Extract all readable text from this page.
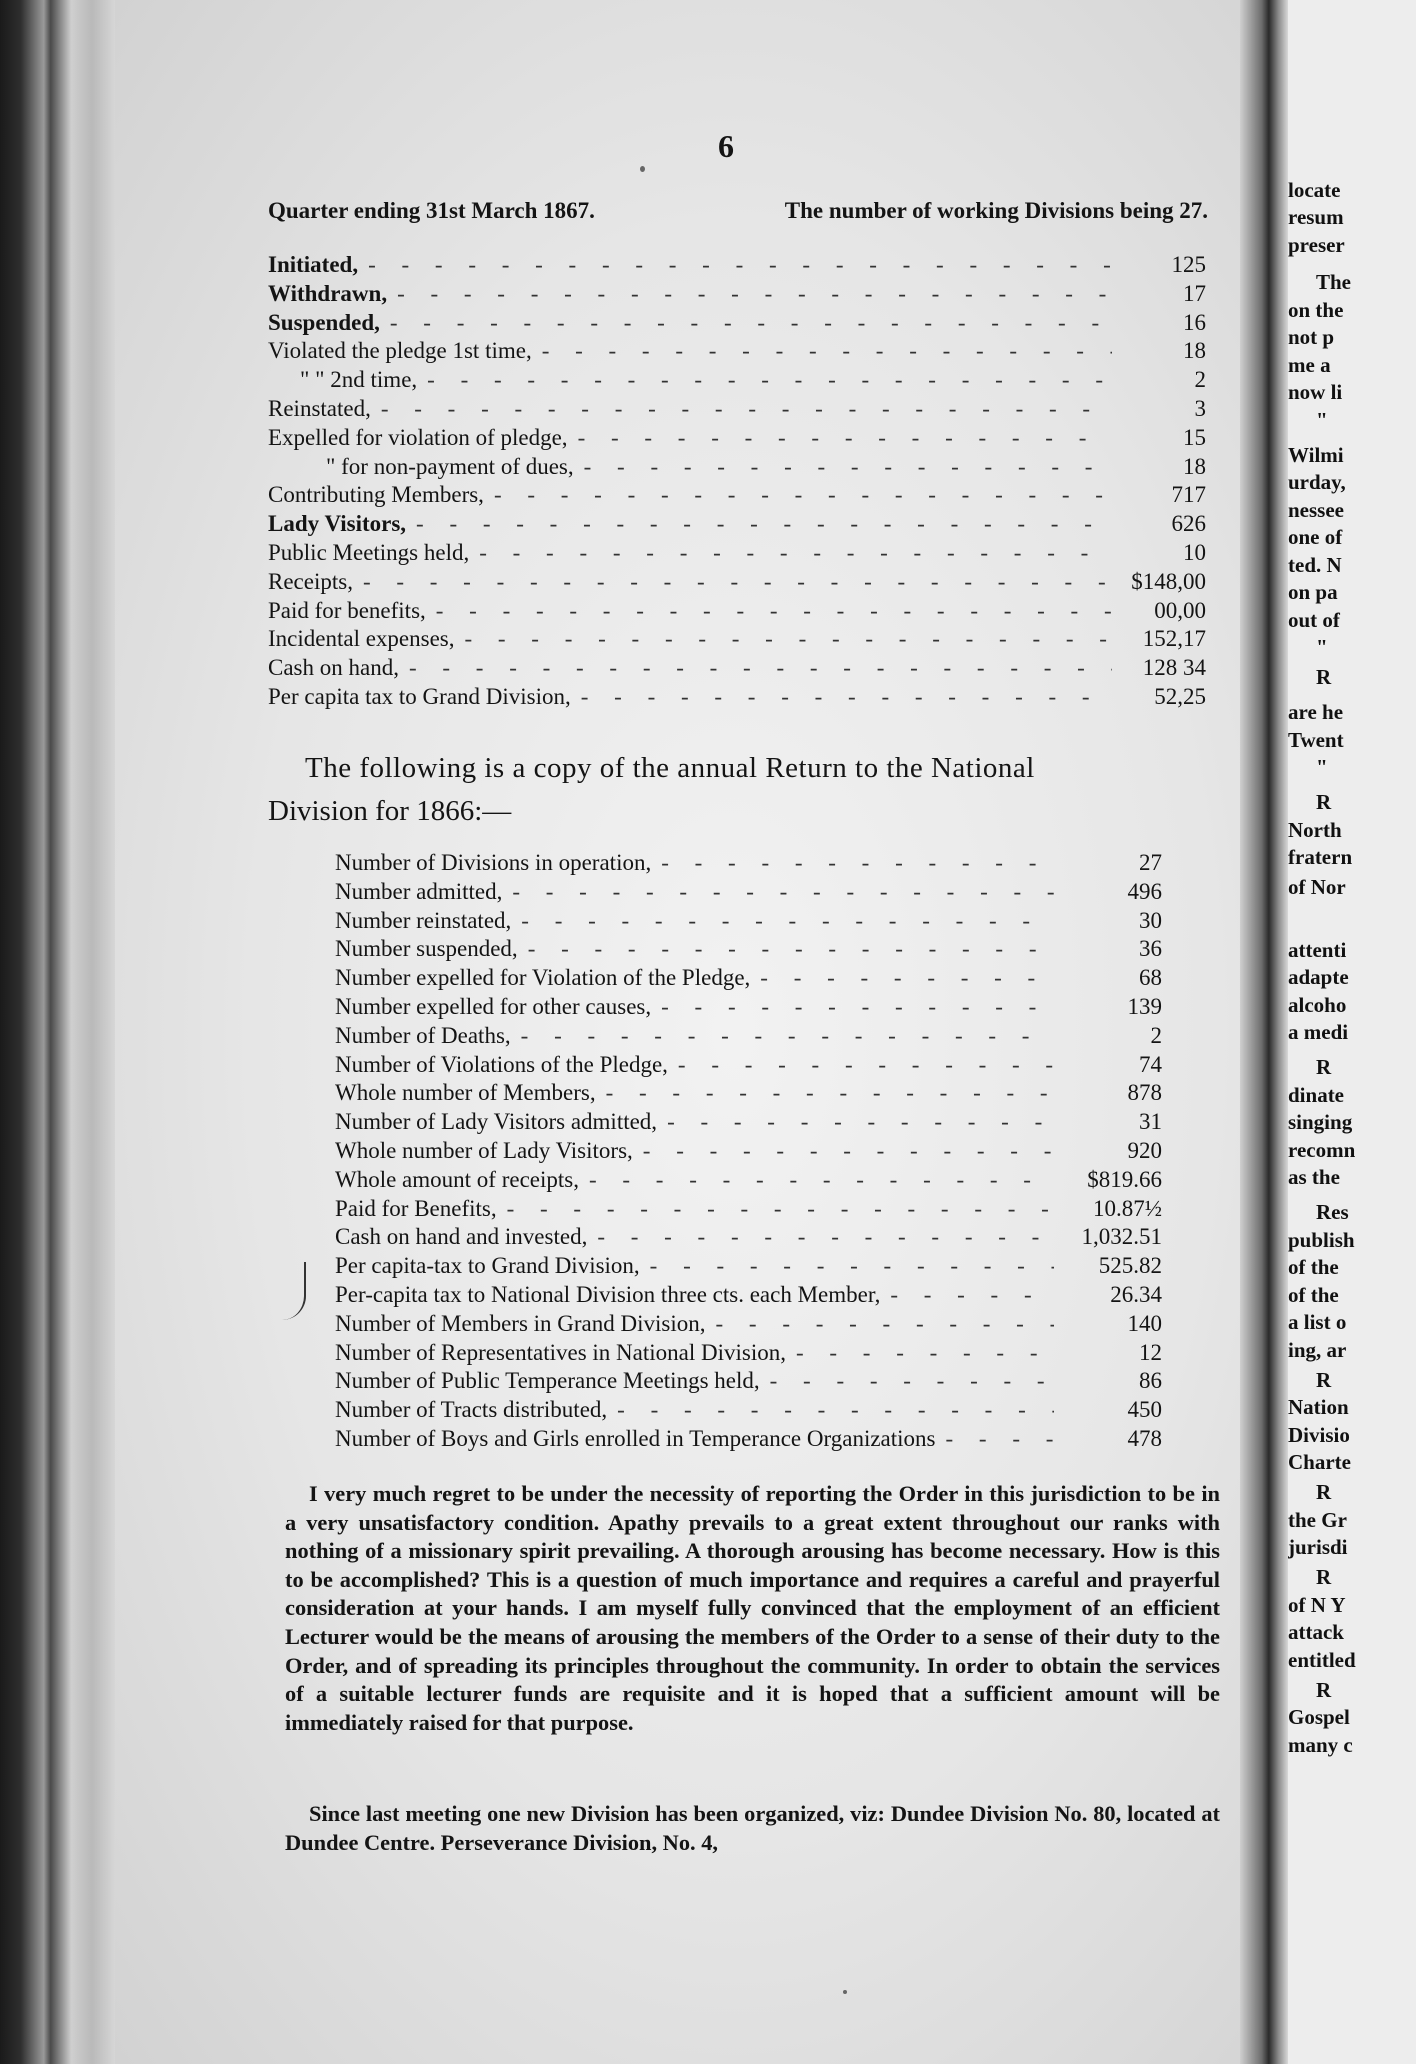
locate
resum
preser
The
on the
not p
me a
now li
"
Wilmi
urday,
nessee
one of
ted. N
on pa
out of
"
R
are he
Twent
"
R
North
fratern
of Nor
attenti
adapte
alcoho
a medi
R
dinate
singing
recomn
as the
Res
publish
of the
of the
a list o
ing, ar
R
Nation
Divisio
Charte
R
the Gr
jurisdi
R
of N Y
attack
entitled
R
Gospel
many c
6
Quarter ending 31st March 1867.	The number of working Divisions being 27.
Initiated, - - -	125
Withdrawn, - - -	17
Suspended, - - -	16
Violated the pledge 1st time, - - -	18
" " 2nd time, - - -	2
Reinstated, - - -	3
Expelled for violation of pledge, - - -	15
" for non-payment of dues, - - -	18
Contributing Members, - - -	717
Lady Visitors, - - -	626
Public Meetings held, - - -	10
Receipts, - - -	$148,00
Paid for benefits, - - -	00,00
Incidental expenses, - - -	152,17
Cash on hand, - - -	128 34
Per capita tax to Grand Division, - - -	52,25
The following is a copy of the annual Return to the National
Division for 1866:—
Number of Divisions in operation, - - -	27
Number admitted, - - -	496
Number reinstated, - - -	30
Number suspended, - - -	36
Number expelled for Violation of the Pledge, - - -	68
Number expelled for other causes, - - -	139
Number of Deaths, - - -	2
Number of Violations of the Pledge, - - -	74
Whole number of Members, - - -	878
Number of Lady Visitors admitted, - - -	31
Whole number of Lady Visitors, - - -	920
Whole amount of receipts, - - -	$819.66
Paid for Benefits, - - -	10.87½
Cash on hand and invested, - - -	1,032.51
Per capita-tax to Grand Division, - - -	525.82
Per-capita tax to National Division three cts. each Member, - - -	26.34
Number of Members in Grand Division, - - -	140
Number of Representatives in National Division, - - -	12
Number of Public Temperance Meetings held, - - -	86
Number of Tracts distributed, - - -	450
Number of Boys and Girls enrolled in Temperance Organizations - - -	478

I very much regret to be under the necessity of reporting the Order in this jurisdiction to be in a very unsatisfactory condition. Apathy prevails to a great extent throughout our ranks with nothing of a missionary spirit prevailing. A thorough arousing has become necessary. How is this to be accomplished? This is a question of much importance and requires a careful and prayerful consideration at your hands. I am myself fully convinced that the employment of an efficient Lecturer would be the means of arousing the members of the Order to a sense of their duty to the Order, and of spreading its principles throughout the community. In order to obtain the services of a suitable lecturer funds are requisite and it is hoped that a sufficient amount will be immediately raised for that purpose.

Since last meeting one new Division has been organized, viz: Dundee Division No. 80, located at Dundee Centre. Perseverance Division, No. 4,
